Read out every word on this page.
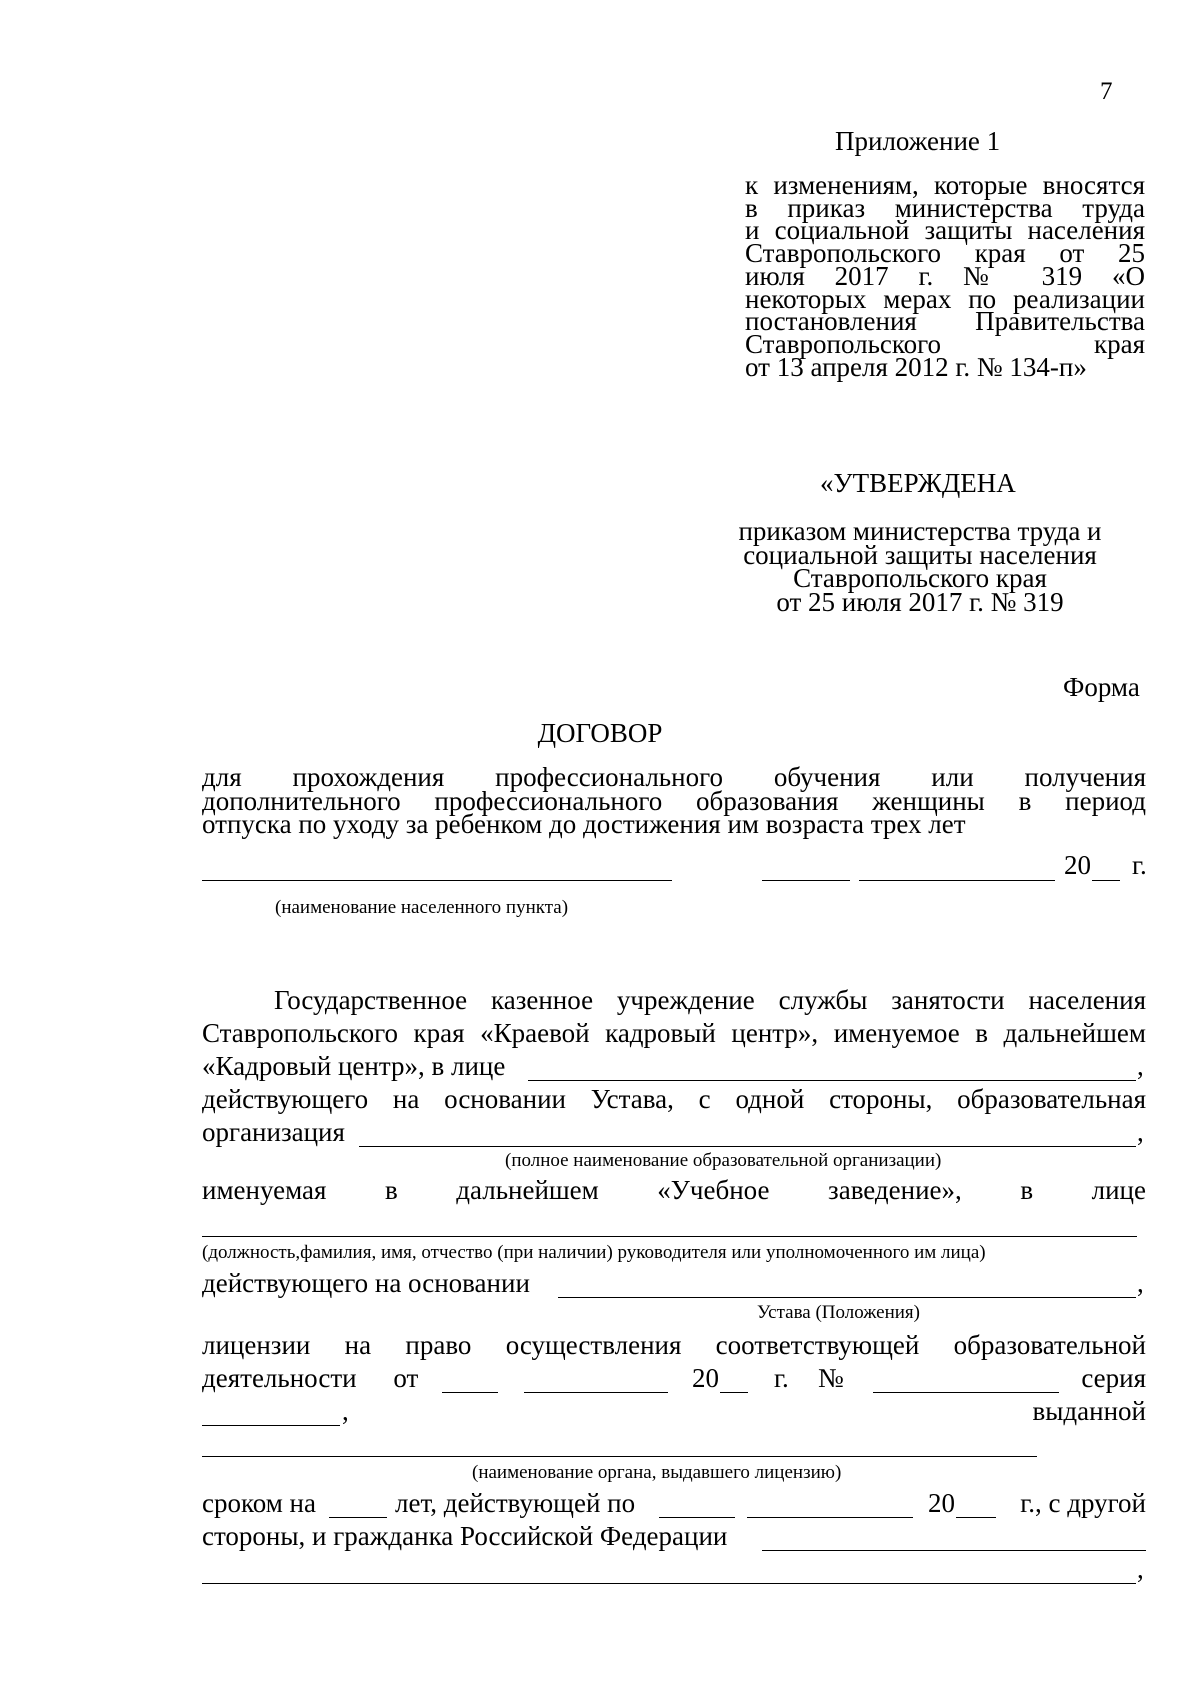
7
Приложение 1
к изменениям, которые вносятся
в приказ министерства труда
и социальной защиты населения
Ставропольского края от 25
июля 2017 г. № 319 «О
некоторых мерах по реализации
постановления Правительства
Ставропольского края
от 13 апреля 2012 г. № 134-п»
«УТВЕРЖДЕНА
приказом министерства труда и
социальной защиты населения
Ставропольского края
от 25 июля 2017 г. № 319
Форма
ДОГОВОР
для прохождения профессионального обучения или получения
дополнительного профессионального образования женщины в период
отпуска по уходу за ребенком до достижения им возраста трех лет
20 г.
(наименование населенного пункта)
Государственное казенное учреждение службы занятости населения
Ставропольского края «Краевой кадровый центр», именуемое в дальнейшем
«Кадровый центр», в лице	,
действующего на основании Устава, с одной стороны, образовательная
организация	,
(полное наименование образовательной организации)
именуемая в дальнейшем «Учебное заведение», в лице
(должность,фамилия, имя, отчество (при наличии) руководителя или уполномоченного им лица)
действующего на основании	,
Устава (Положения)
лицензии на право осуществления соответствующей образовательной
деятельности от	20 г. №	серия
,	выданной
(наименование органа, выдавшего лицензию)
сроком на	лет, действующей по	20 г., с другой
стороны, и гражданка Российской Федерации
,
